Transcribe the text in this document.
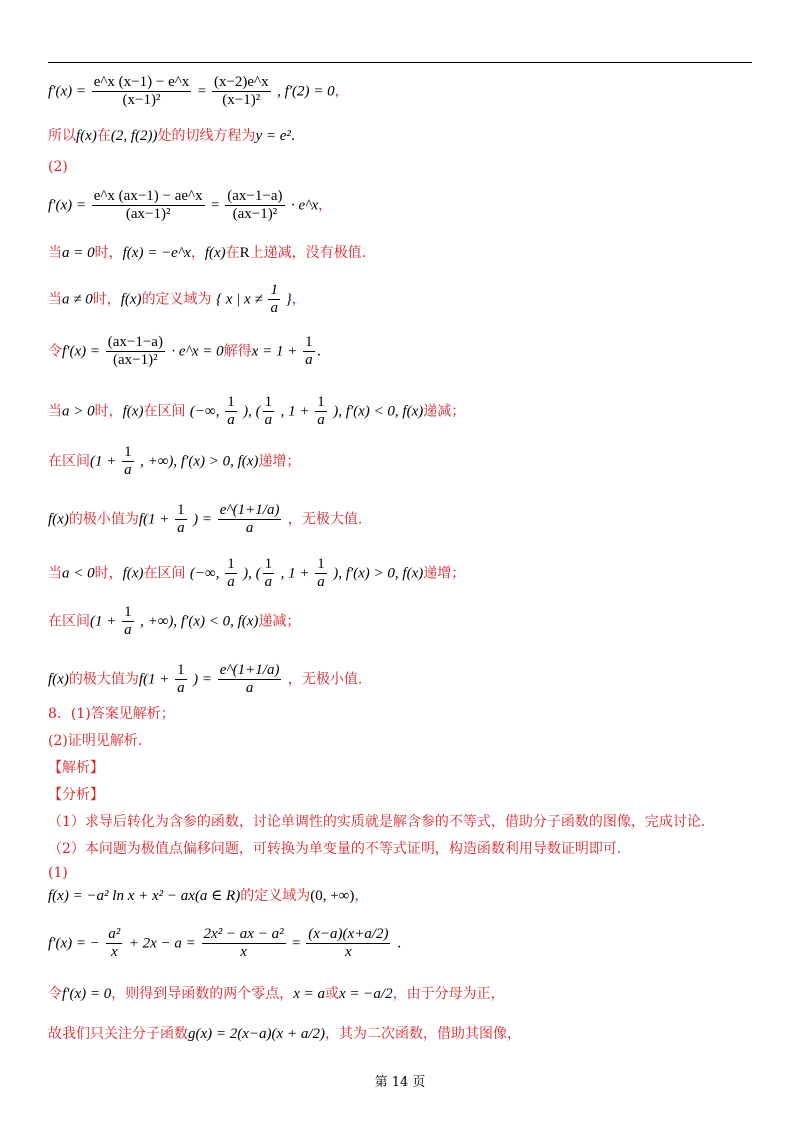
$f'(x) = \frac{e\^{}x (x-1) - e\^{}x}{\text{(x−1)²}} = \frac{(x-2)e\^{}x}{\text{(x−1)²}}$ , f′(2) = 0，
所以f(x)在(2, f(2))处的切线方程为y = e².
(2)
$f'(x) = \frac{e\^{}x (ax-1) - ae\^{}x}{\text{(ax−1)²}} = \frac{(ax-1-a)}{\text{(ax−1)²}}$ · e^x，
当a = 0时，f(x) = −e^x，f(x)在R上递减，没有极值.
当a ≠ 0时，f(x)的定义域为 { x | $x \ne \frac{1}{a}$ }，
令$f'(x) = \frac{(ax-1-a)}{\text{(ax−1)²}}$ · e^x = 0解得$x = 1 + \frac{1}{a}$ .
当a > 0时，f(x)在区间 (−∞, $\frac{1}{a}$ ), ( $\frac{1}{a}$ , $1 + \frac{1}{a}$ ), f′(x) < 0, f(x)递减；
在区间($1 + \frac{1}{a}$ , +∞), f′(x) > 0, f(x)递增；
f(x)的极小值为$f(1 + \frac{1}{a}$ ) = $\frac{e\^{}(1+1/a)}{a}$ ，无极大值.
当a < 0时，f(x)在区间 (−∞, $\frac{1}{a}$ ), ( $\frac{1}{a}$ , $1 + \frac{1}{a}$ ), f′(x) > 0, f(x)递增；
在区间($1 + \frac{1}{a}$ , +∞), f′(x) < 0, f(x)递减；
f(x)的极大值为$f(1 + \frac{1}{a}$ ) = $\frac{e\^{}(1+1/a)}{a}$ ，无极小值.
8．(1)答案见解析；
(2)证明见解析.
【解析】
【分析】
（1）求导后转化为含参的函数，讨论单调性的实质就是解含参的不等式，借助分子函数的图像，完成讨论.
（2）本问题为极值点偏移问题，可转换为单变量的不等式证明，构造函数利用导数证明即可.
(1)
f(x) = −a² ln x + x² − ax(a ∈ R)的定义域为(0, +∞)，
f′(x) = − $\frac{\text{a²}}{x} + 2x - a = \frac{\text{2x² − ax − a²}}{x} = \frac{(x-a)(x+a/2)}{x}$ .
令f′(x) = 0，则得到导函数的两个零点，x = a或x = −a/2，由于分母为正，
故我们只关注分子函数g(x) = 2(x−a)(x + a/2)，其为二次函数，借助其图像，
第 14 页
